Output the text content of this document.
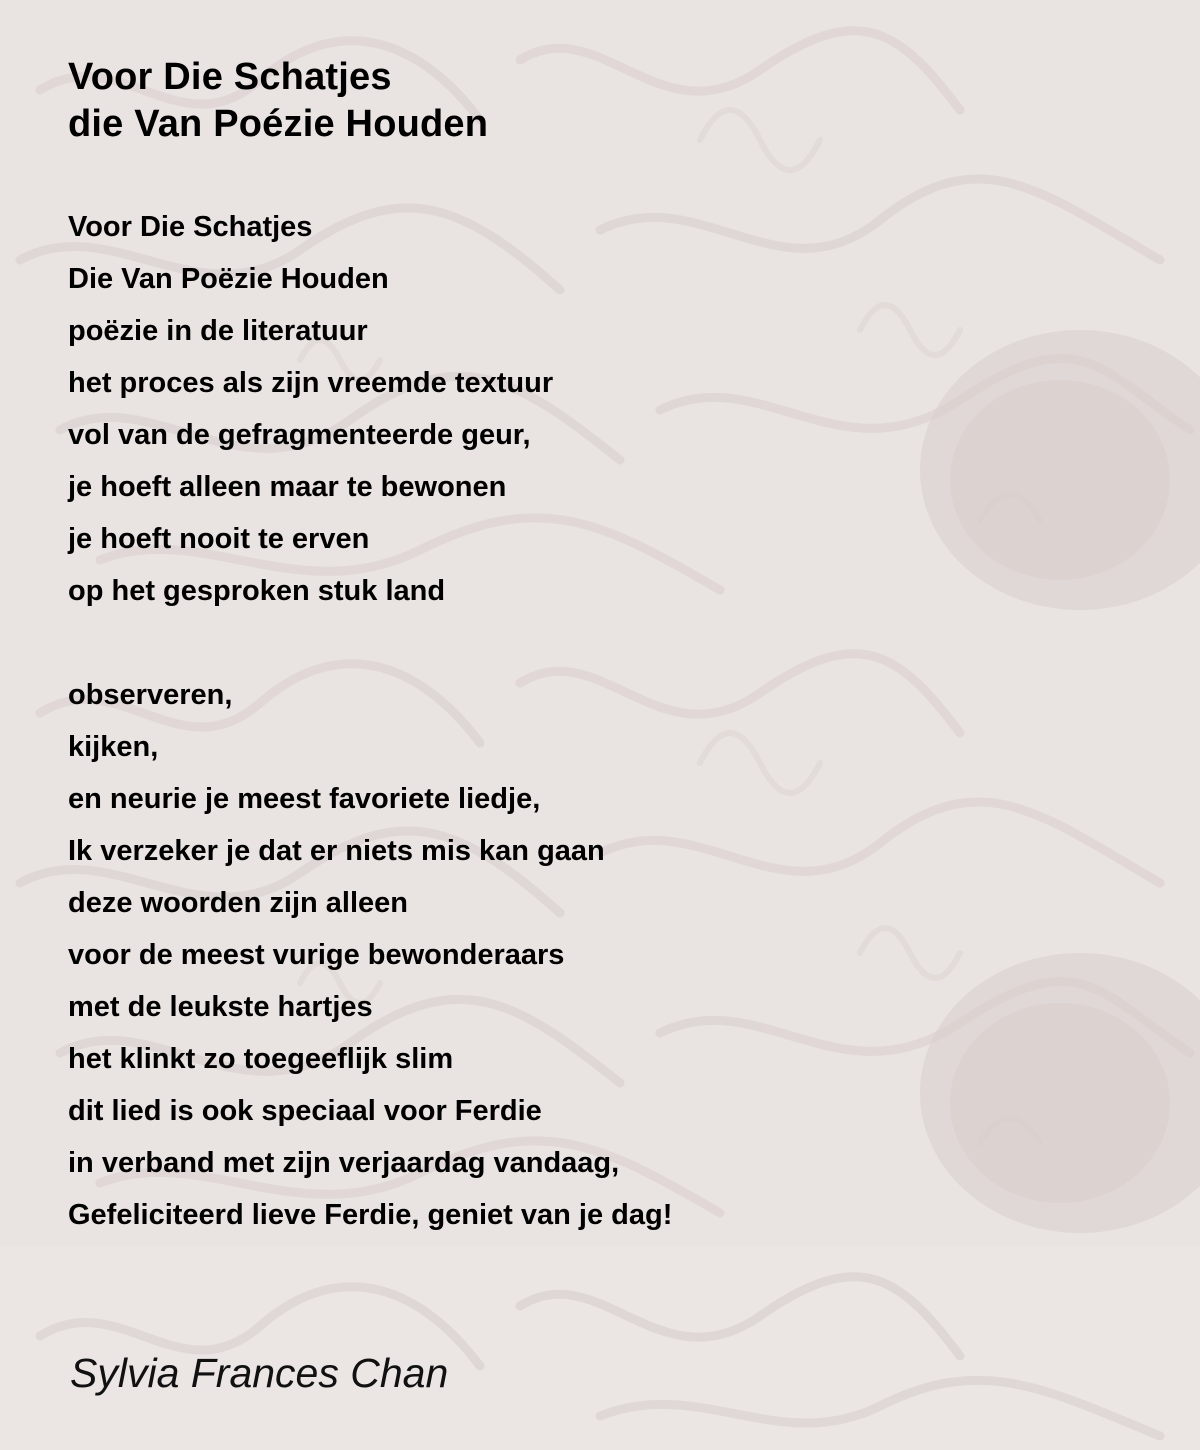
Voor Die Schatjes
die Van Poézie Houden
Voor Die Schatjes
Die Van Poëzie Houden
poëzie in de literatuur
het proces als zijn vreemde textuur
vol van de gefragmenteerde geur,
je hoeft alleen maar te bewonen
je hoeft nooit te erven
op het gesproken stuk land
observeren,
kijken,
en neurie je meest favoriete liedje,
Ik verzeker je dat er niets mis kan gaan
deze woorden zijn alleen
voor de meest vurige bewonderaars
met de leukste hartjes
het klinkt zo toegeeflijk slim
dit lied is ook speciaal voor Ferdie
in verband met zijn verjaardag vandaag,
Gefeliciteerd lieve Ferdie, geniet van je dag!

Sylvia Frances Chan
